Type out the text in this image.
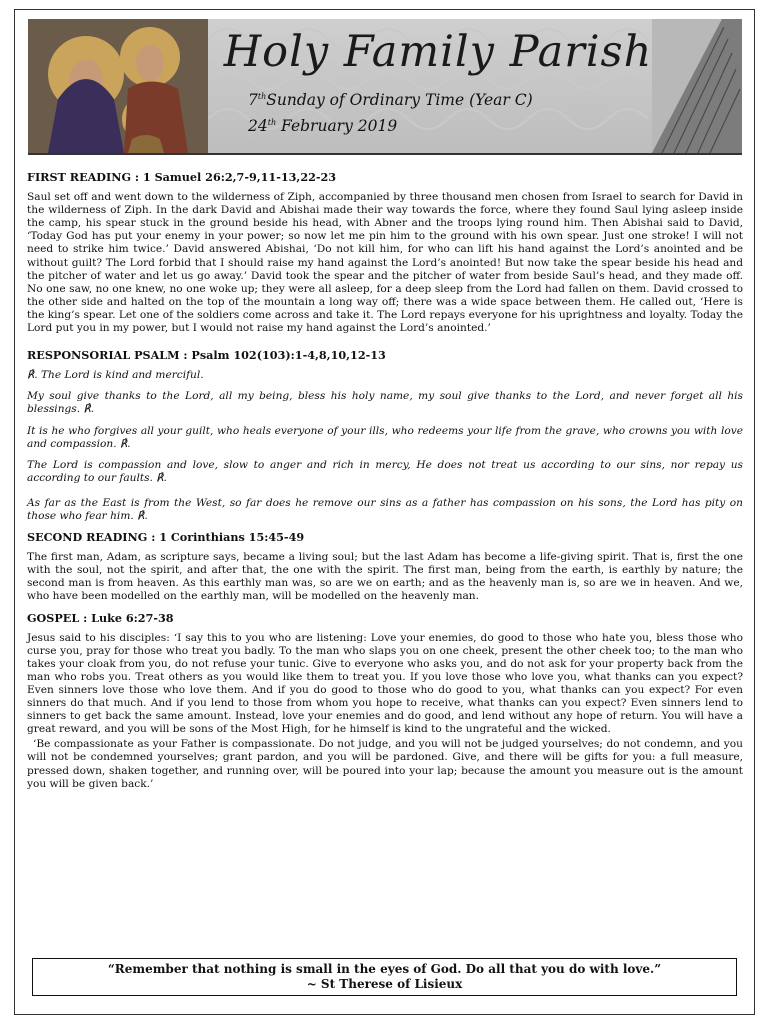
Holy Family Parish
7thSunday of Ordinary Time (Year C)
24th February 2019
FIRST READING : 1 Samuel 26:2,7-9,11-13,22-23

Saul set off and went down to the wilderness of Ziph, accompanied by three thousand men chosen from Israel to search for David in the wilderness of Ziph. In the dark David and Abishai made their way towards the force, where they found Saul lying asleep inside the camp, his spear stuck in the ground beside his head, with Abner and the troops lying round him. Then Abishai said to David, ‘Today God has put your enemy in your power; so now let me pin him to the ground with his own spear. Just one stroke! I will not need to strike him twice.’ David answered Abishai, ‘Do not kill him, for who can lift his hand against the Lord’s anointed and be without guilt? The Lord forbid that I should raise my hand against the Lord’s anointed! But now take the spear beside his head and the pitcher of water and let us go away.’ David took the spear and the pitcher of water from beside Saul’s head, and they made off. No one saw, no one knew, no one woke up; they were all asleep, for a deep sleep from the Lord had fallen on them. David crossed to the other side and halted on the top of the mountain a long way off; there was a wide space between them. He called out, ‘Here is the king’s spear. Let one of the soldiers come across and take it. The Lord repays everyone for his uprightness and loyalty. Today the Lord put you in my power, but I would not raise my hand against the Lord’s anointed.’

RESPONSORIAL PSALM : Psalm 102(103):1-4,8,10,12-13
℟. The Lord is kind and merciful.

My soul give thanks to the Lord, all my being, bless his holy name, my soul give thanks to the Lord, and never forget all his blessings. ℟.

It is he who forgives all your guilt, who heals everyone of your ills, who redeems your life from the grave, who crowns you with love and compassion. ℟.

The Lord is compassion and love, slow to anger and rich in mercy, He does not treat us according to our sins, nor repay us according to our faults. ℟.

As far as the East is from the West, so far does he remove our sins as a father has compassion on his sons, the Lord has pity on those who fear him. ℟.

SECOND READING : 1 Corinthians 15:45-49

The first man, Adam, as scripture says, became a living soul; but the last Adam has become a life-giving spirit. That is, first the one with the soul, not the spirit, and after that, the one with the spirit. The first man, being from the earth, is earthly by nature; the second man is from heaven. As this earthly man was, so are we on earth; and as the heavenly man is, so are we in heaven. And we, who have been modelled on the earthly man, will be modelled on the heavenly man.

GOSPEL : Luke 6:27-38

Jesus said to his disciples: ‘I say this to you who are listening: Love your enemies, do good to those who hate you, bless those who curse you, pray for those who treat you badly. To the man who slaps you on one cheek, present the other cheek too; to the man who takes your cloak from you, do not refuse your tunic. Give to everyone who asks you, and do not ask for your property back from the man who robs you. Treat others as you would like them to treat you. If you love those who love you, what thanks can you expect? Even sinners love those who love them. And if you do good to those who do good to you, what thanks can you expect? For even sinners do that much. And if you lend to those from whom you hope to receive, what thanks can you expect? Even sinners lend to sinners to get back the same amount. Instead, love your enemies and do good, and lend without any hope of return. You will have a great reward, and you will be sons of the Most High, for he himself is kind to the ungrateful and the wicked.

‘Be compassionate as your Father is compassionate. Do not judge, and you will not be judged yourselves; do not condemn, and you will not be condemned yourselves; grant pardon, and you will be pardoned. Give, and there will be gifts for you: a full measure, pressed down, shaken together, and running over, will be poured into your lap; because the amount you measure out is the amount you will be given back.’

“Remember that nothing is small in the eyes of God. Do all that you do with love.”
~ St Therese of Lisieux
